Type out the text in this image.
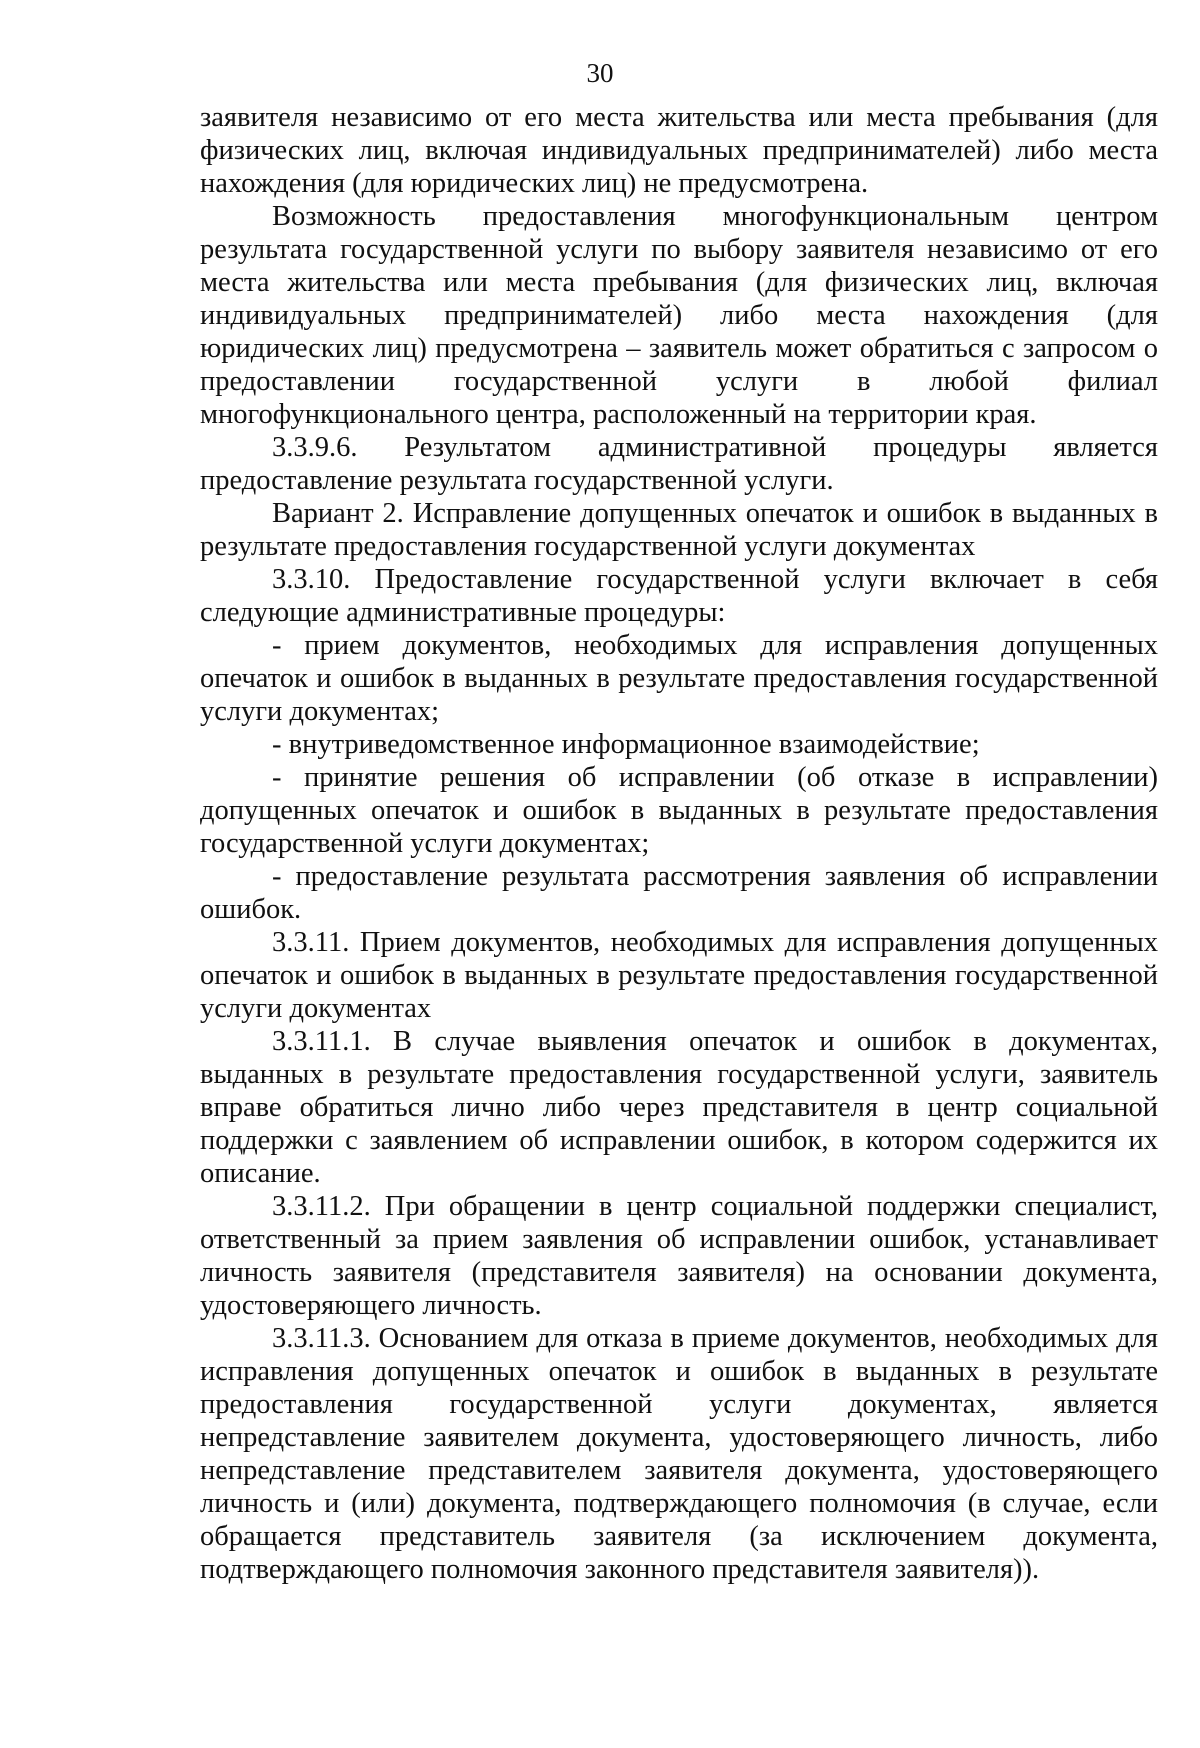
30

заявителя независимо от его места жительства или места пребывания (для физических лиц, включая индивидуальных предпринимателей) либо места нахождения (для юридических лиц) не предусмотрена.

Возможность предоставления многофункциональным центром результата государственной услуги по выбору заявителя независимо от его места жительства или места пребывания (для физических лиц, включая индивидуальных предпринимателей) либо места нахождения (для юридических лиц) предусмотрена – заявитель может обратиться с запросом о предоставлении государственной услуги в любой филиал многофункционального центра, расположенный на территории края.

3.3.9.6. Результатом административной процедуры является предоставление результата государственной услуги.

Вариант 2. Исправление допущенных опечаток и ошибок в выданных в результате предоставления государственной услуги документах

3.3.10. Предоставление государственной услуги включает в себя следующие административные процедуры:

- прием документов, необходимых для исправления допущенных опечаток и ошибок в выданных в результате предоставления государственной услуги документах;

- внутриведомственное информационное взаимодействие;

- принятие решения об исправлении (об отказе в исправлении) допущенных опечаток и ошибок в выданных в результате предоставления государственной услуги документах;

- предоставление результата рассмотрения заявления об исправлении ошибок.

3.3.11. Прием документов, необходимых для исправления допущенных опечаток и ошибок в выданных в результате предоставления государственной услуги документах

3.3.11.1. В случае выявления опечаток и ошибок в документах, выданных в результате предоставления государственной услуги, заявитель вправе обратиться лично либо через представителя в центр социальной поддержки с заявлением об исправлении ошибок, в котором содержится их описание.

3.3.11.2. При обращении в центр социальной поддержки специалист, ответственный за прием заявления об исправлении ошибок, устанавливает личность заявителя (представителя заявителя) на основании документа, удостоверяющего личность.

3.3.11.3. Основанием для отказа в приеме документов, необходимых для исправления допущенных опечаток и ошибок в выданных в результате предоставления государственной услуги документах, является непредставление заявителем документа, удостоверяющего личность, либо непредставление представителем заявителя документа, удостоверяющего личность и (или) документа, подтверждающего полномочия (в случае, если обращается представитель заявителя (за исключением документа, подтверждающего полномочия законного представителя заявителя)).
